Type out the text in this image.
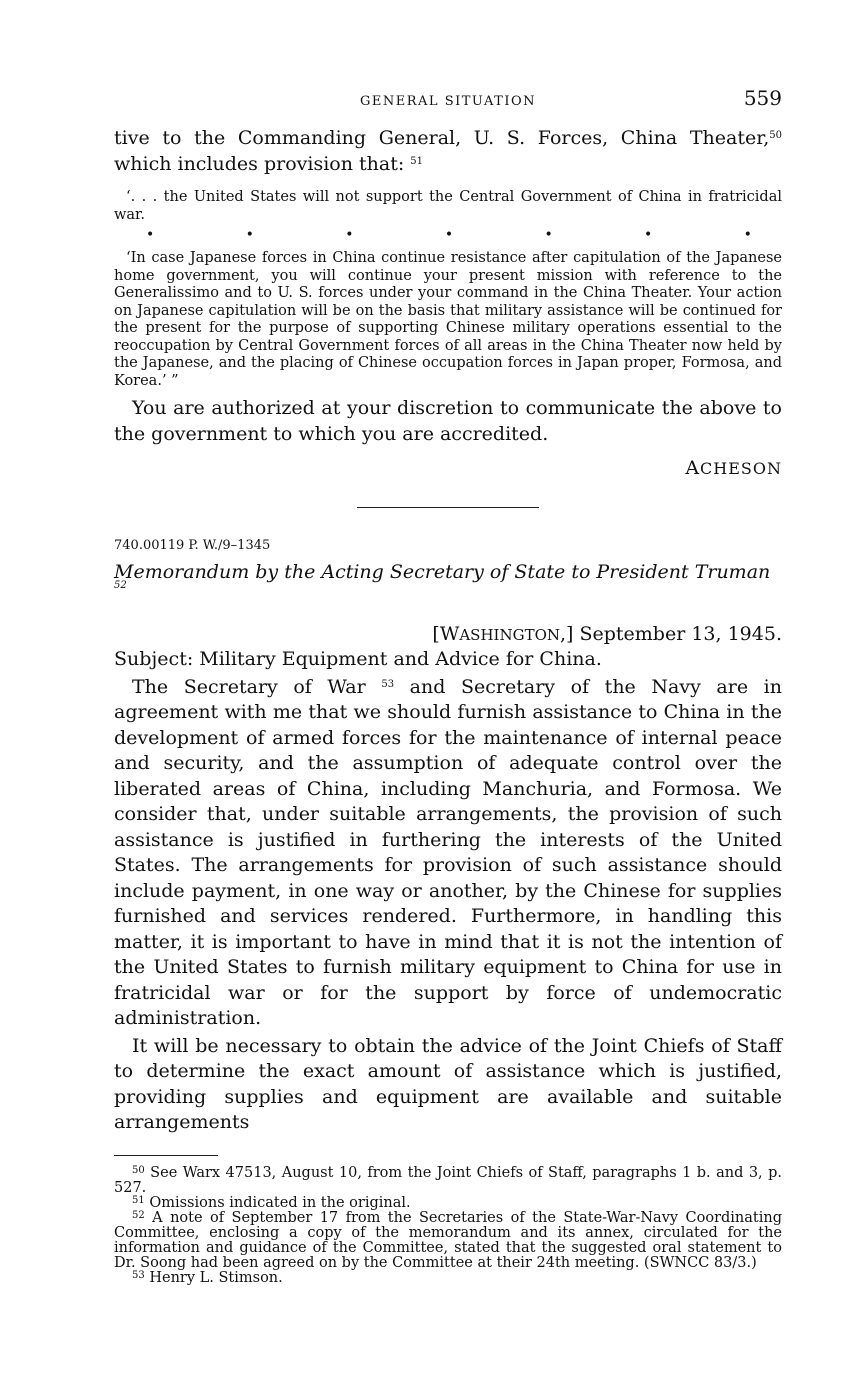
GENERAL SITUATION	559

tive to the Commanding General, U. S. Forces, China Theater,$^{50}$ which includes provision that: $^{51}$

‘. . . the United States will not support the Central Government of China in fratricidal war.

•	•	•	•	•	•	•

‘In case Japanese forces in China continue resistance after capitulation of the Japanese home government, you will continue your present mission with reference to the Generalissimo and to U. S. forces under your command in the China Theater. Your action on Japanese capitulation will be on the basis that military assistance will be continued for the present for the purpose of supporting Chinese military operations essential to the reoccupation by Central Government forces of all areas in the China Theater now held by the Japanese, and the placing of Chinese occupation forces in Japan proper, Formosa, and Korea.’ ”

You are authorized at your discretion to communicate the above to the government to which you are accredited.

ACHESON
740.00119 P. W./9–1345
Memorandum by the Acting Secretary of State to President Truman $^{52}$
[WASHINGTON,] September 13, 1945.

Subject: Military Equipment and Advice for China.

The Secretary of War $^{53}$ and Secretary of the Navy are in agreement with me that we should furnish assistance to China in the development of armed forces for the maintenance of internal peace and security, and the assumption of adequate control over the liberated areas of China, including Manchuria, and Formosa. We consider that, under suitable arrangements, the provision of such assistance is justified in furthering the interests of the United States. The arrangements for provision of such assistance should include payment, in one way or another, by the Chinese for supplies furnished and services rendered. Furthermore, in handling this matter, it is important to have in mind that it is not the intention of the United States to furnish military equipment to China for use in fratricidal war or for the support by force of undemocratic administration.

It will be necessary to obtain the advice of the Joint Chiefs of Staff to determine the exact amount of assistance which is justified, providing supplies and equipment are available and suitable arrangements

$^{50}$ See Warx 47513, August 10, from the Joint Chiefs of Staff, paragraphs 1 b. and 3, p. 527.

$^{51}$ Omissions indicated in the original.

$^{52}$ A note of September 17 from the Secretaries of the State-War-Navy Coordinating Committee, enclosing a copy of the memorandum and its annex, circulated for the information and guidance of the Committee, stated that the suggested oral statement to Dr. Soong had been agreed on by the Committee at their 24th meeting. (SWNCC 83/3.)

$^{53}$ Henry L. Stimson.
